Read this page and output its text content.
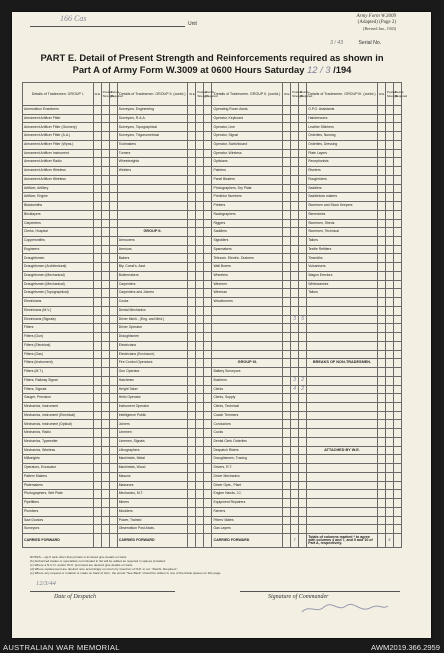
166 Cas
Unit
Army Form W.3009
(Adapted) (Page 2)
(Revised Jan., 1943)
3 / 43	Serial No.
PART E. Detail of Present Strength and Reinforcements required as shown in
Part A of Army Form W.3009 at 0600 Hours Saturday 12 / 3 /194
Details of Tradesmen. GROUP I.	W.E.	Posted Strength	Reinfs. Required	Details of Tradesmen. GROUP II. (contd.)	W.E.	Posted Strength	Reinfs. Required	Details of Tradesmen. GROUP II. (contd.)	W.E.	Posted Strength	Reinfs. Required	Details of Tradesmen. GROUP III. (contd.)	W.E.	Posted Strength	Reinfs. Required
Ammunition Examiners				Surveyors, Engineering				Operating Room Assts.				G.P.O. Assistants			
Armament Artificer Fitter				Surveyors, R.A.A.				Operator, Keyboard				Hairdressers			
Armament Artificer Fitter (Gunnery)				Surveyors, Topographical				Operator, Line				Leather Stitchers			
Armament Artificer Fitter (A.A.)				Surveyors, Trigonometrical				Operator, Signal				Orderlies, Nursing			
Armament Artificer Fitter (Wpns.)				Toolmakers				Operator, Switchboard				Orderlies, Dressing			
Armament Artificer Instrument				Turners				Operator, Wireless				Plate Layers			
Armament Artificer Radio				Wheelwrights				Opticians				Receptionists			
Armament Artificer Wireless				Welders				Painters				Riveters			
Armament Artificer Wireless								Panel Beaters				Roughriders			
Artificer, Artillery								Photographers, Dry Plate				Saddlers			
Artificer, Engine								Predictor Numbers				Saddlebow makers			
Blacksmiths								Printers				Storemen and Stock Keepers			
Bricklayers								Radiographers				Stevedores			
Carpenters								Riggers				Storemen, Sheds			
Clerks, Hospital				GROUP II.				Saddlers				Storemen, Technical			
Coppersmiths				Armourers				Signallers				Tailors			
Engineers				Armours				Sparmakers				Textile Refitters			
Draughtsmen				Bakers				Telecom. Electric. Drainers				Tinsmiths			
Draughtsmen (Architectural)				Bty. Comd's. Asst.				Wall Borers				Vulcanisers			
Draughtsmen (Mechanical)				Boilermakers				Wheelers				Wagon Erectors			
Draughtsmen (Mechanical)				Carpenters				Wiremen				Whitewashes			
Draughtsmen (Topographical)				Carpenters and Joiners				Wireman				Tailors			
Electricians				Cooks				Woodturners							
Electricians (M.V.)				Dental Mechanics											
Electricians (Signals)				Driver Mech., (Eng. and Med.)						3	5				
Fitters				Driver Operator											
Fitters (Gun)				Draughtsmen											
Fitters (Electrical)				Electricians											
Fitters (Gas)				Electricians (Enclosure)											
Fitters (Instrument)				Fire Control Operators				GROUP III.				BREAKS OF NON-TRADESMEN.			
Fitters (M.T.)				Gun Operator				Battery Surveyors							
Fitters, Railway Signal				Hatchmen				Butchers		3	2				
Fitters, Signals				Height Taker				Clerks		4	2				
Gauger, Precision				Helio Operator				Clerks, Supply							
Mechanics, Instrument				Instrument Operator				Clerks, Technical							
Mechanics, Instrument (Electrical)				Intelligence Public				Coach Trimmers							
Mechanics, Instrument (Optical)				Joiners				Conductors							
Mechanics, Radio				Linemen				Cooks							
Mechanics, Typewriter				Linemen, Signals				Dental Clerk Orderlies							
Mechanics, Wireless				Lithographers				Despatch Riders				ATTACHED BY W.E.			
Millwrights				Machinists, Metal				Draughtsmen, Tracing							
Operators, Excavator				Machinists, Wood				Drivers, R.T.							
Pattern Makers				Masons				Driver Mechanics							
Platemakers				Masseurs				Driver Opts., Plant							
Photographers, Wet Plate				Mechanics, M.T.				Engine Hands, I.C.							
Pipefitters				Miners				Equipment Repairers							
Plumbers				Moulders				Farriers							
Saw Doctors				Power, Trained				Fitters' Mates							
Surveyors				Observation Post Assts.				Gas Layers							
CARRIED FORWARD				CARRIED FORWARD				CARRIED FORWARD		7		Totals of columns marked * to agree with columns 4 and 7, and 5 and 10 of Part A, respectively.		9	
NOTES.—(a) If rank other than private is involved give details on back.
(b) Authorized trades or specialists not included in list will be added as required in spaces provided.
(c) Where a N.C.O. and/or W.O. promoted are desired give details on back.
(d) Where replacement are desired note accordingly on return by insertion of N.R. in col. "Reinfs. Required."
(e) Where any request or notation is made on back of form, the words "See Back" should be written in one of the blank spaces on this page.
12/3/44
Date of Despatch	Signature of Commander
AUSTRALIAN WAR MEMORIAL	AWM2019.366.2959
